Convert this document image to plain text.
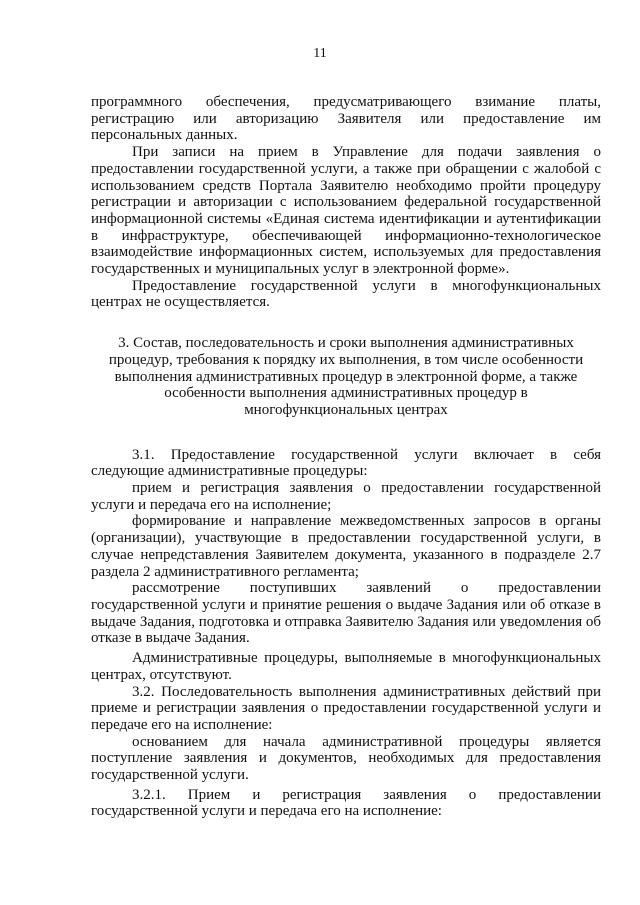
11

программного обеспечения, предусматривающего взимание платы, регистрацию или авторизацию Заявителя или предоставление им персональных данных.

При записи на прием в Управление для подачи заявления о предоставлении государственной услуги, а также при обращении с жалобой с использованием средств Портала Заявителю необходимо пройти процедуру регистрации и авторизации с использованием федеральной государственной информационной системы «Единая система идентификации и аутентификации в инфраструктуре, обеспечивающей информационно-технологическое взаимодействие информационных систем, используемых для предоставления государственных и муниципальных услуг в электронной форме».

Предоставление государственной услуги в многофункциональных центрах не осуществляется.

3. Состав, последовательность и сроки выполнения административных процедур, требования к порядку их выполнения, в том числе особенности выполнения административных процедур в электронной форме, а также особенности выполнения административных процедур в многофункциональных центрах

3.1. Предоставление государственной услуги включает в себя следующие административные процедуры:

прием и регистрация заявления о предоставлении государственной услуги и передача его на исполнение;

формирование и направление межведомственных запросов в органы (организации), участвующие в предоставлении государственной услуги, в случае непредставления Заявителем документа, указанного в подразделе 2.7 раздела 2 административного регламента;

рассмотрение поступивших заявлений о предоставлении государственной услуги и принятие решения о выдаче Задания или об отказе в выдаче Задания, подготовка и отправка Заявителю Задания или уведомления об отказе в выдаче Задания.

Административные процедуры, выполняемые в многофункциональных центрах, отсутствуют.

3.2. Последовательность выполнения административных действий при приеме и регистрации заявления о предоставлении государственной услуги и передаче его на исполнение:

основанием для начала административной процедуры является поступление заявления и документов, необходимых для предоставления государственной услуги.

3.2.1. Прием и регистрация заявления о предоставлении государственной услуги и передача его на исполнение:
